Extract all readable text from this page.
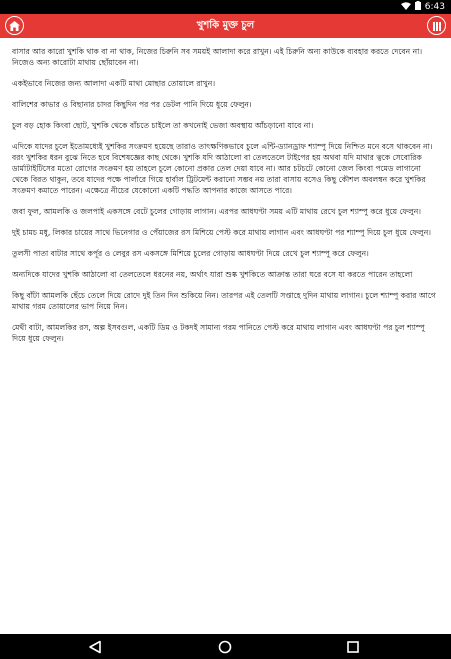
6:43
খুশকি মুক্ত চুল

বাসার আর কারো খুশকি থাক বা না থাক, নিজের চিরুনি সব সময়ই আলাদা করে রাখুন। এই চিরুনি অন্য কাউকে ব্যবহার করতে দেবেন না। নিজেও অন্য কারোটা মাথায় ছোঁয়াবেন না।

একইভাবে নিজের জন্য আলাদা একটি মাথা মোছার তোয়ালে রাখুন।

বালিশের কাভার ও বিছানার চাদর কিছুদিন পর পর ডেটল পানি দিয়ে ধুয়ে ফেলুন।

চুল বড় হোক কিংবা ছোট, খুশকি থেকে বাঁচতে চাইলে তা কখনোই ভেজা অবস্থায় আঁচড়ানো যাবে না।

এদিকে যাদের চুলে ইতোমধ্যেই খুশকির সংক্রমণ হয়েছে তারাও তাৎক্ষণিকভাবে চুলে এন্টি-ড্যানড্রাফ শ্যাম্পু দিয়ে নিশ্চিত মনে বসে থাকবেন না। বরং খুশকির ধরন বুঝে নিতে হবে বিশেষজ্ঞের কাছ থেকে। খুশকি যদি আঠালো বা তেলতেলে টাইপের হয় অথবা যদি মাথার ত্বকে সেবোরিক ডার্মাটাইটিসের মতো রোগের সংক্রমণ হয় তাহলে চুলে কোনো প্রকার তেল দেয়া যাবে না। আর চটচটে কোনো জেল কিংবা পমেড লাগানো থেকে বিরত থাকুন, তবে যাদের পক্ষে পার্লারে গিয়ে হার্বাল ট্রিটমেন্ট করানো সম্ভব নয় তারা বাসায় বসেও কিছু কৌশল অবলম্বন করে খুশকির সংক্রমণ কমাতে পারেন। এক্ষেত্রে নীচের যেকোনো একটি পদ্ধতি আপনার কাজে আসতে পারে।

জবা ফুল, আমলকি ও জলপাই একসঙ্গে বেটে চুলের গোড়ায় লাগান। এরপর আধঘণ্টা সময় এটি মাথায় রেখে চুল শ্যাম্পু করে ধুয়ে ফেলুন।

দুই চামচ মধু, লিকার চায়ের সাথে ভিনেগার ও পেঁয়াজের রস মিশিয়ে পেস্ট করে মাথায় লাগান এবং আধঘণ্টা পর শ্যাম্পু দিয়ে চুল ধুয়ে ফেলুন।

তুলসী পাতা বাটার সাথে কর্পূর ও লেবুর রস একসঙ্গে মিশিয়ে চুলের গোড়ায় আধঘণ্টা দিয়ে রেখে চুল শ্যাম্পু করে ফেলুন।

অন্যদিকে যাদের খুশকি আঠালো বা তেলতেলে ধরনের নয়, অর্থাৎ যারা শুষ্ক খুশকিতে আক্রান্ত তারা ঘরে বসে যা করতে পারেন তাহলো

কিছু বাঁটা আমলকি ছেঁচে তেলে দিয়ে রোদে দুই তিন দিন শুকিয়ে নিন। তারপর এই তেলটি সপ্তাহে দুদিন মাথায় লাগান। চুলে শ্যাম্পু করার আগে মাথায় গরম তোয়ালের ভাপ নিয়ে নিন।

মেথী বাটা, আমলকির রস, অল্প ইসবগুল, একটি ডিম ও টকদই সামান্য গরম পানিতে পেস্ট করে মাথায় লাগান এবং আধঘণ্টা পর চুল শ্যাম্পু দিয়ে ধুয়ে ফেলুন।
